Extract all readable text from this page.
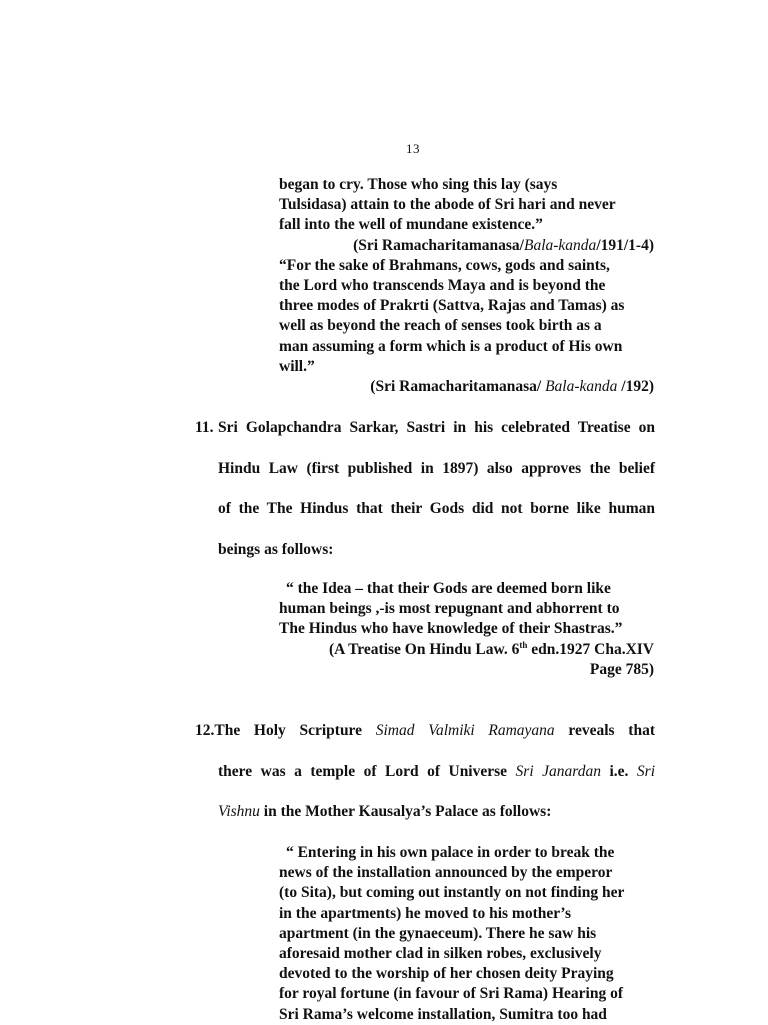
13

began to cry. Those who sing this lay (says

Tulsidasa) attain to the abode of Sri hari and never

fall into the well of mundane existence.”

(Sri Ramacharitamanasa/Bala-kanda/191/1-4)

“For the sake of Brahmans, cows, gods and saints,

the Lord who transcends Maya and is beyond the

three modes of Prakrti (Sattva, Rajas and Tamas) as

well as beyond the reach of senses took birth as a

man assuming a form which is a product of His own

will.”

(Sri Ramacharitamanasa/ Bala-kanda /192)

11. Sri Golapchandra Sarkar, Sastri in his celebrated Treatise on
Hindu Law (first published in 1897) also approves the belief
of the The Hindus that their Gods did not borne like human
beings as follows:

“ the Idea – that their Gods are deemed born like

human beings ,-is most repugnant and abhorrent to

The Hindus who have knowledge of their Shastras.”

(A Treatise On Hindu Law. 6th edn.1927 Cha.XIV

Page 785)

12.The Holy Scripture Simad Valmiki Ramayana reveals that
there was a temple of Lord of Universe Sri Janardan i.e. Sri
Vishnu in the Mother Kausalya’s Palace as follows:

“ Entering in his own palace in order to break the

news of the installation announced by the emperor

(to Sita), but coming out instantly on not finding her

in the apartments) he moved to his mother’s

apartment (in the gynaeceum). There he saw his

aforesaid mother clad in silken robes, exclusively

devoted to the worship of her chosen deity Praying

for royal fortune (in favour of Sri Rama) Hearing of

Sri Rama’s welcome installation, Sumitra too had
